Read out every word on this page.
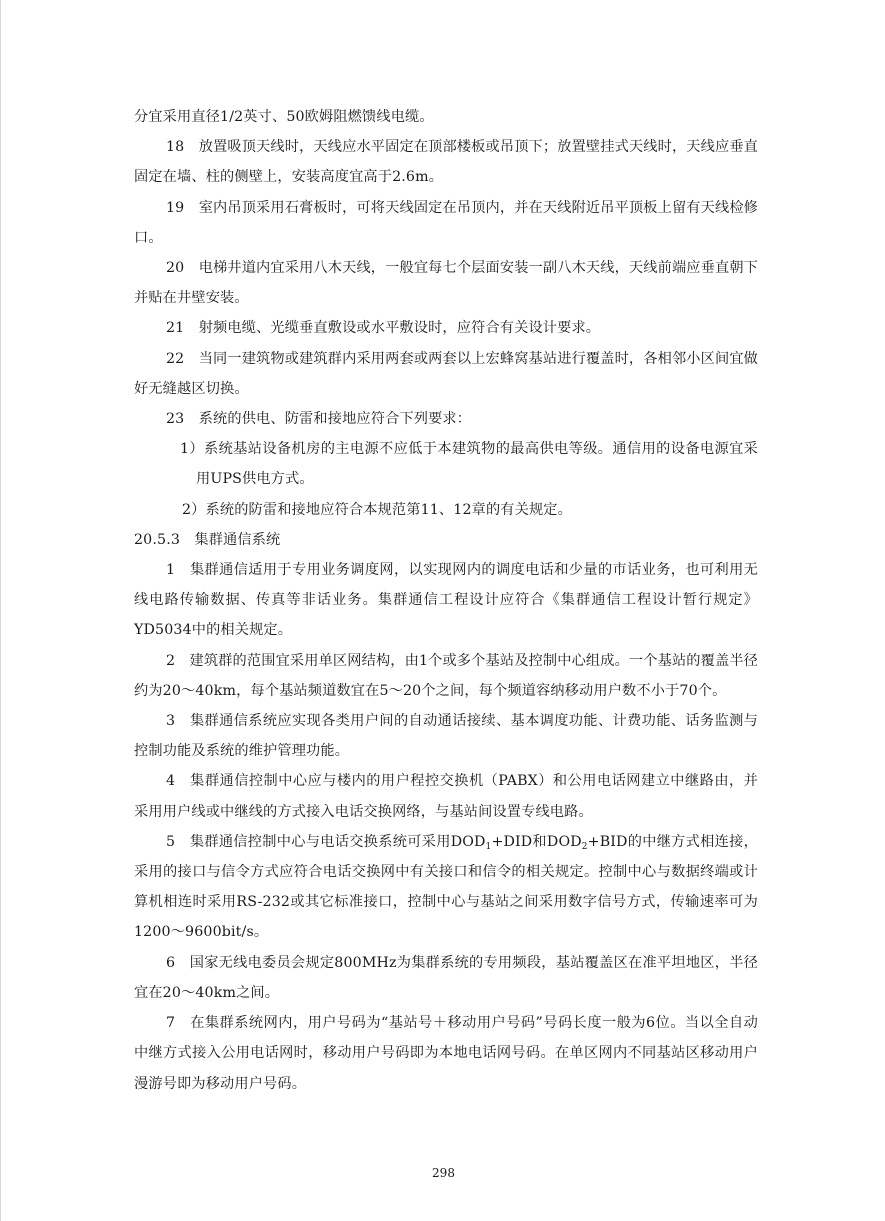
分宜采用直径1/2英寸、50欧姆阻燃馈线电缆。

18　放置吸顶天线时，天线应水平固定在顶部楼板或吊顶下；放置壁挂式天线时，天线应垂直固定在墙、柱的侧壁上，安装高度宜高于2.6m。

19　室内吊顶采用石膏板时，可将天线固定在吊顶内，并在天线附近吊平顶板上留有天线检修口。

20　电梯井道内宜采用八木天线，一般宜每七个层面安装一副八木天线，天线前端应垂直朝下并贴在井壁安装。

21　射频电缆、光缆垂直敷设或水平敷设时，应符合有关设计要求。

22　当同一建筑物或建筑群内采用两套或两套以上宏蜂窝基站进行覆盖时，各相邻小区间宜做好无缝越区切换。

23　系统的供电、防雷和接地应符合下列要求：

1）系统基站设备机房的主电源不应低于本建筑物的最高供电等级。通信用的设备电源宜采用UPS供电方式。

2）系统的防雷和接地应符合本规范第11、12章的有关规定。

20.5.3　集群通信系统

1　集群通信适用于专用业务调度网，以实现网内的调度电话和少量的市话业务，也可利用无线电路传输数据、传真等非话业务。集群通信工程设计应符合《集群通信工程设计暂行规定》YD5034中的相关规定。

2　建筑群的范围宜采用单区网结构，由1个或多个基站及控制中心组成。一个基站的覆盖半径约为20～40km，每个基站频道数宜在5～20个之间，每个频道容纳移动用户数不小于70个。

3　集群通信系统应实现各类用户间的自动通话接续、基本调度功能、计费功能、话务监测与控制功能及系统的维护管理功能。

4　集群通信控制中心应与楼内的用户程控交换机（PABX）和公用电话网建立中继路由，并采用用户线或中继线的方式接入电话交换网络，与基站间设置专线电路。

5　集群通信控制中心与电话交换系统可采用$DOD_1+DID$和$DOD_2+BID$的中继方式相连接，采用的接口与信令方式应符合电话交换网中有关接口和信令的相关规定。控制中心与数据终端或计算机相连时采用RS-232或其它标准接口，控制中心与基站之间采用数字信号方式，传输速率可为1200～9600bit/s。

6　国家无线电委员会规定800MHz为集群系统的专用频段，基站覆盖区在准平坦地区，半径宜在20～40km之间。

7　在集群系统网内，用户号码为“基站号＋移动用户号码”号码长度一般为6位。当以全自动中继方式接入公用电话网时，移动用户号码即为本地电话网号码。在单区网内不同基站区移动用户漫游号即为移动用户号码。

298
